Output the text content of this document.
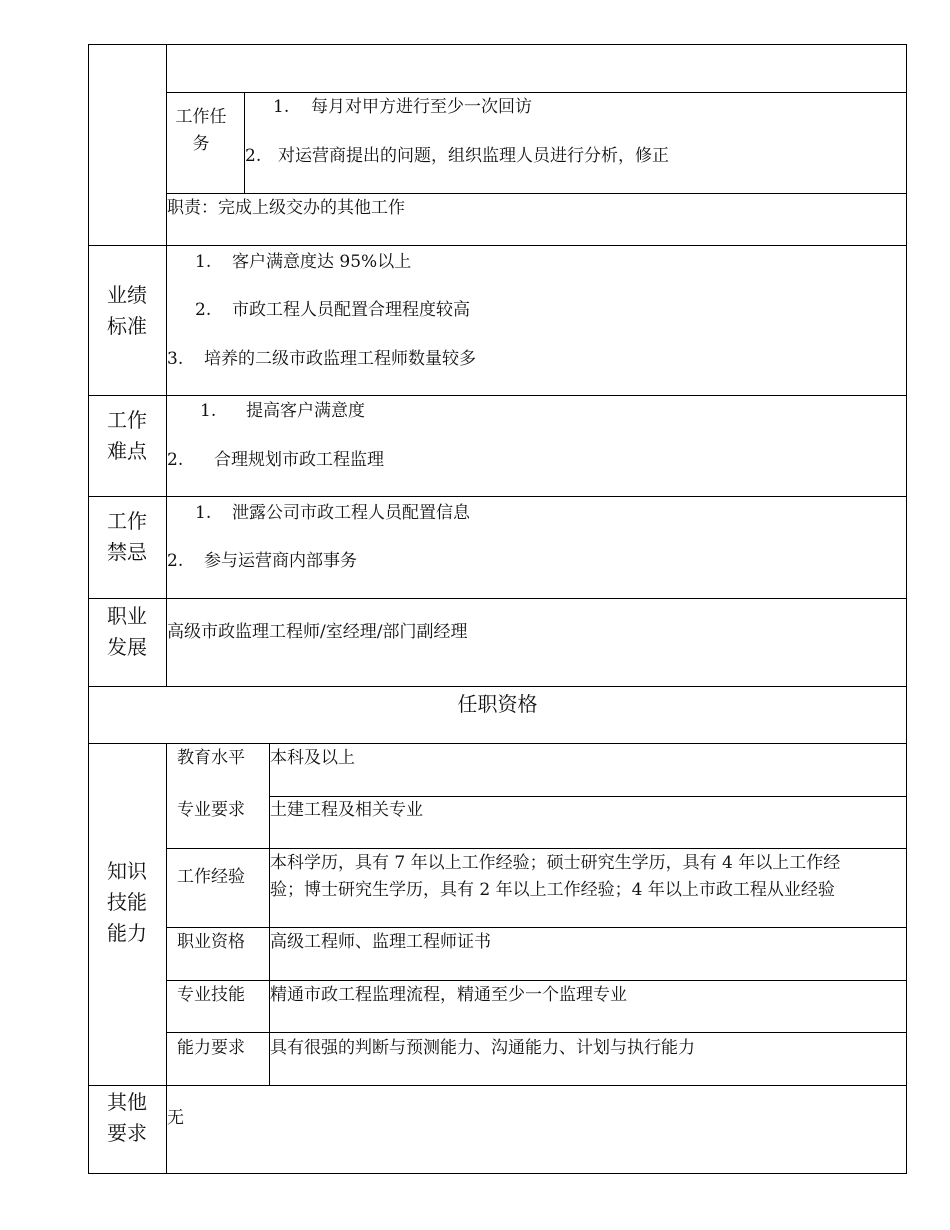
工作任务
1. 每月对甲方进行至少一次回访
2. 对运营商提出的问题，组织监理人员进行分析，修正
职责：完成上级交办的其他工作
业绩标准
1. 客户满意度达 95%以上
2. 市政工程人员配置合理程度较高
3. 培养的二级市政监理工程师数量较多
工作难点
1. 提高客户满意度
2. 合理规划市政工程监理
工作禁忌
1. 泄露公司市政工程人员配置信息
2. 参与运营商内部事务
职业发展
高级市政监理工程师/室经理/部门副经理
任职资格
知识技能能力
教育水平 本科及以上
专业要求 土建工程及相关专业
工作经验
本科学历，具有 7 年以上工作经验；硕士研究生学历，具有 4 年以上工作经
验；博士研究生学历，具有 2 年以上工作经验；4 年以上市政工程从业经验
职业资格 高级工程师、监理工程师证书
专业技能 精通市政工程监理流程，精通至少一个监理专业
能力要求 具有很强的判断与预测能力、沟通能力、计划与执行能力
其他要求
无
